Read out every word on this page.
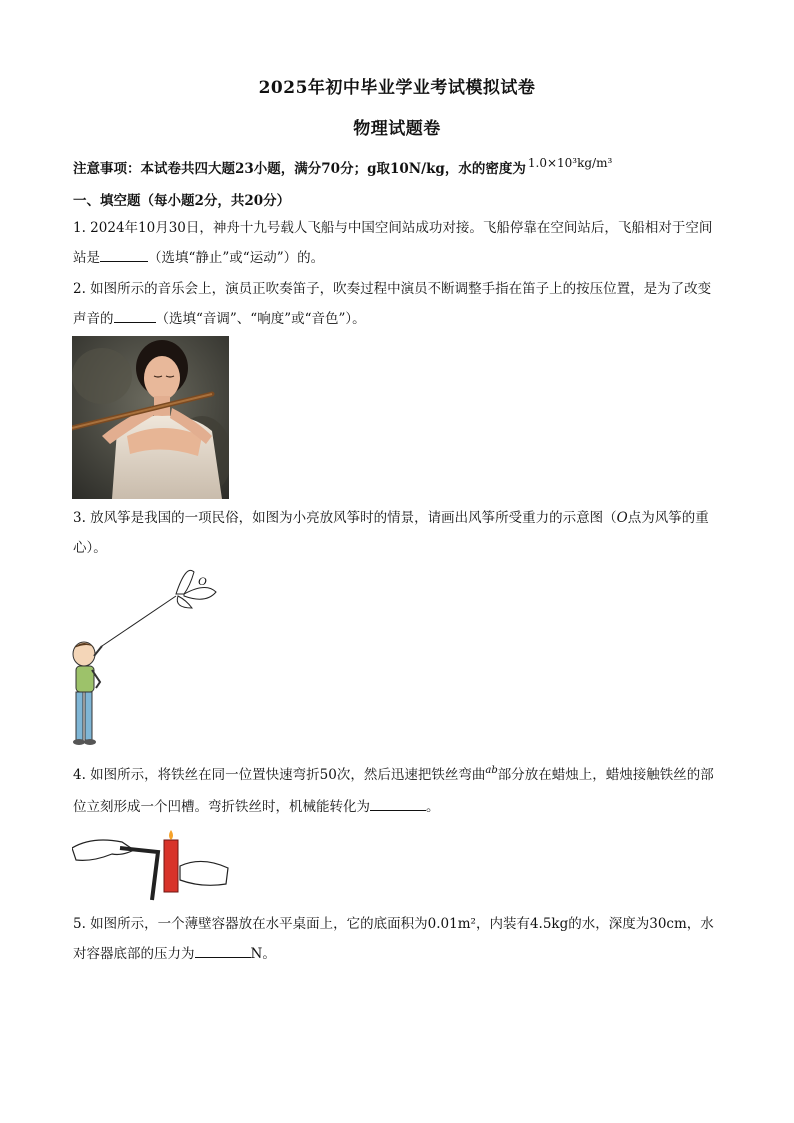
2025年初中毕业学业考试模拟试卷
物理试题卷
注意事项：本试卷共四大题23小题，满分70分；g取10N/kg，水的密度为 1.0×10³kg/m³
一、填空题（每小题2分，共20分）
1. 2024年10月30日，神舟十九号载人飞船与中国空间站成功对接。飞船停靠在空间站后，飞船相对于空间站是	（选填“静止”或“运动”）的。
2. 如图所示的音乐会上，演员正吹奏笛子，吹奏过程中演员不断调整手指在笛子上的按压位置，是为了改变声音的	（选填“音调”、“响度”或“音色”）。
3. 放风筝是我国的一项民俗，如图为小亮放风筝时的情景，请画出风筝所受重力的示意图（O点为风筝的重心）。
O
4. 如图所示，将铁丝在同一位置快速弯折50次，然后迅速把铁丝弯曲$^{ab}$部分放在蜡烛上，蜡烛接触铁丝的部位立刻形成一个凹槽。弯折铁丝时，机械能转化为	。
5. 如图所示，一个薄壁容器放在水平桌面上，它的底面积为0.01m²，内装有4.5kg的水，深度为30cm，水对容器底部的压力为	N。
